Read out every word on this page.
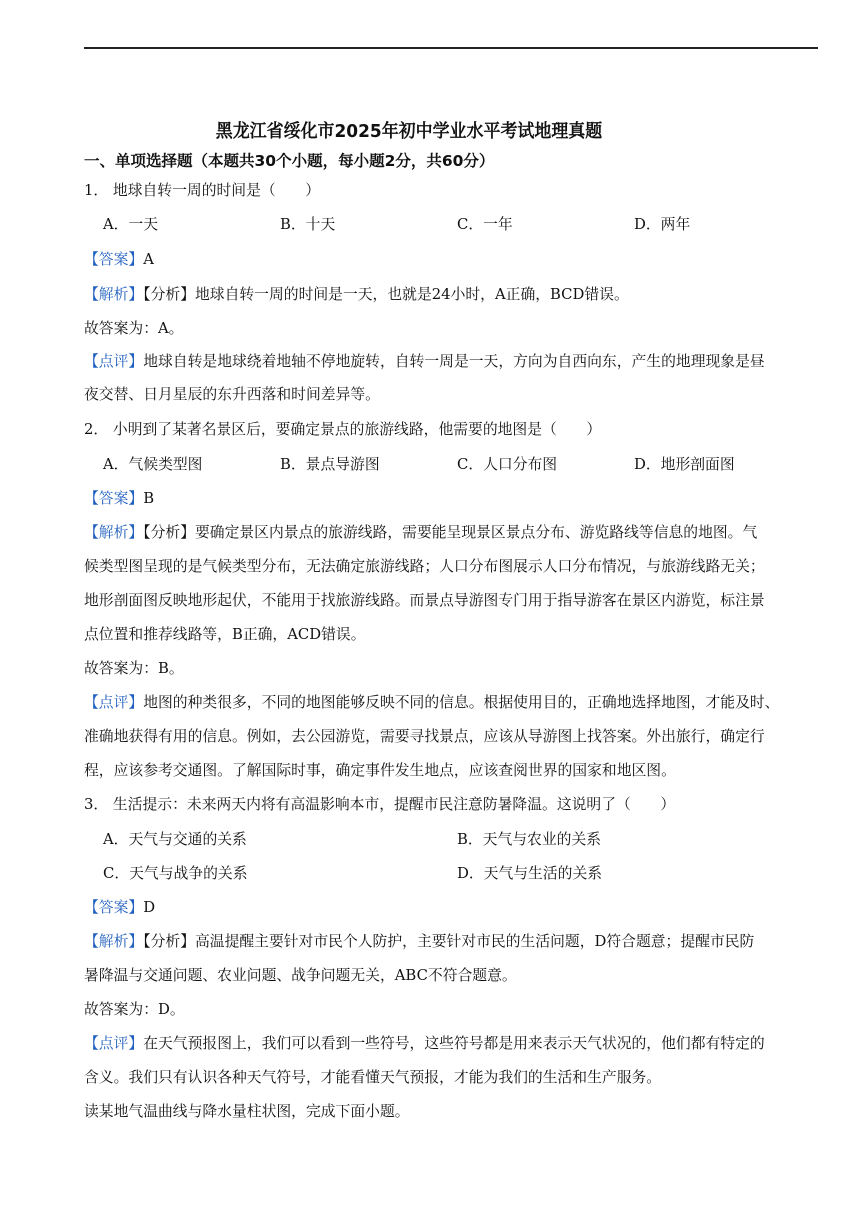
黑龙江省绥化市2025年初中学业水平考试地理真题
一、单项选择题（本题共30个小题，每小题2分，共60分）
1． 地球自转一周的时间是（　　）
A．一天	B．十天	C．一年	D．两年
【答案】A
【解析】【分析】地球自转一周的时间是一天，也就是24小时，A正确，BCD错误。
故答案为：A。
【点评】地球自转是地球绕着地轴不停地旋转，自转一周是一天，方向为自西向东，产生的地理现象是昼
夜交替、日月星辰的东升西落和时间差异等。
2． 小明到了某著名景区后，要确定景点的旅游线路，他需要的地图是（　　）
A．气候类型图	B．景点导游图	C．人口分布图	D．地形剖面图
【答案】B
【解析】【分析】要确定景区内景点的旅游线路，需要能呈现景区景点分布、游览路线等信息的地图。气
候类型图呈现的是气候类型分布，无法确定旅游线路；人口分布图展示人口分布情况，与旅游线路无关；
地形剖面图反映地形起伏，不能用于找旅游线路。而景点导游图专门用于指导游客在景区内游览，标注景
点位置和推荐线路等，B正确，ACD错误。
故答案为：B。
【点评】地图的种类很多，不同的地图能够反映不同的信息。根据使用目的，正确地选择地图，才能及时、
准确地获得有用的信息。例如，去公园游览，需要寻找景点，应该从导游图上找答案。外出旅行，确定行
程，应该参考交通图。了解国际时事，确定事件发生地点，应该查阅世界的国家和地区图。
3． 生活提示：未来两天内将有高温影响本市，提醒市民注意防暑降温。这说明了（　　）
A．天气与交通的关系	B．天气与农业的关系
C．天气与战争的关系	D．天气与生活的关系
【答案】D
【解析】【分析】高温提醒主要针对市民个人防护，主要针对市民的生活问题，D符合题意；提醒市民防
暑降温与交通问题、农业问题、战争问题无关，ABC不符合题意。
故答案为：D。
【点评】在天气预报图上，我们可以看到一些符号，这些符号都是用来表示天气状况的，他们都有特定的
含义。我们只有认识各种天气符号，才能看懂天气预报，才能为我们的生活和生产服务。
读某地气温曲线与降水量柱状图，完成下面小题。
